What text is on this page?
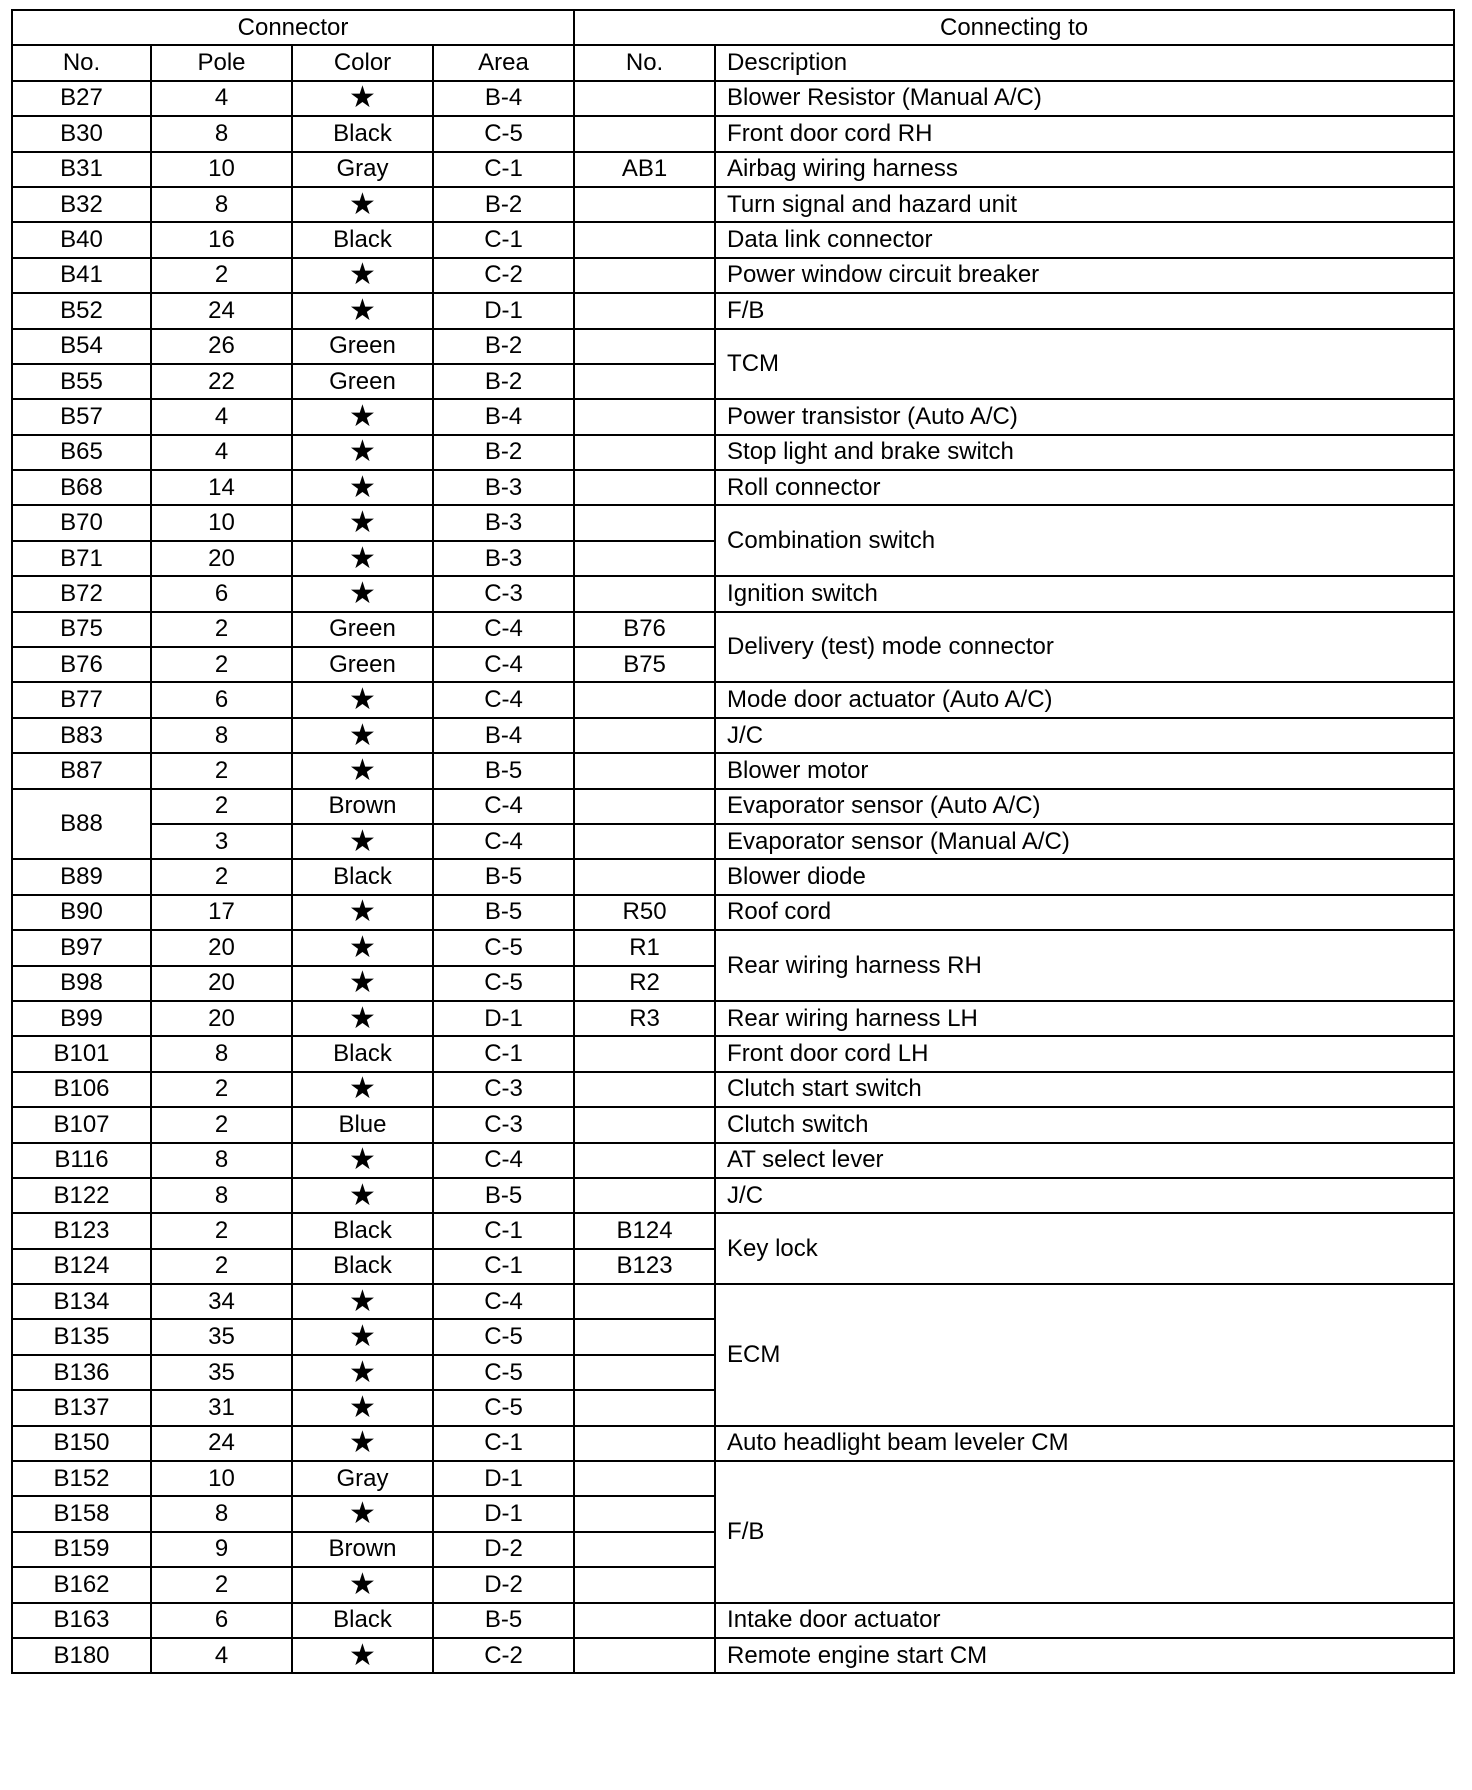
Connector				Connecting to	
No.	Pole	Color	Area	No.	Description
B27	4	★	B-4		Blower Resistor (Manual A/C)
B30	8	Black	C-5		Front door cord RH
B31	10	Gray	C-1	AB1	Airbag wiring harness
B32	8	★	B-2		Turn signal and hazard unit
B40	16	Black	C-1		Data link connector
B41	2	★	C-2		Power window circuit breaker
B52	24	★	D-1		F/B
B54	26	Green	B-2		TCM
B55	22	Green	B-2		
B57	4	★	B-4		Power transistor (Auto A/C)
B65	4	★	B-2		Stop light and brake switch
B68	14	★	B-3		Roll connector
B70	10	★	B-3		Combination switch
B71	20	★	B-3		
B72	6	★	C-3		Ignition switch
B75	2	Green	C-4	B76	Delivery (test) mode connector
B76	2	Green	C-4	B75	
B77	6	★	C-4		Mode door actuator (Auto A/C)
B83	8	★	B-4		J/C
B87	2	★	B-5		Blower motor
B88	2	Brown	C-4		Evaporator sensor (Auto A/C)
	3	★	C-4		Evaporator sensor (Manual A/C)
B89	2	Black	B-5		Blower diode
B90	17	★	B-5	R50	Roof cord
B97	20	★	C-5	R1	Rear wiring harness RH
B98	20	★	C-5	R2	
B99	20	★	D-1	R3	Rear wiring harness LH
B101	8	Black	C-1		Front door cord LH
B106	2	★	C-3		Clutch start switch
B107	2	Blue	C-3		Clutch switch
B116	8	★	C-4		AT select lever
B122	8	★	B-5		J/C
B123	2	Black	C-1	B124	Key lock
B124	2	Black	C-1	B123	
B134	34	★	C-4		ECM
B135	35	★	C-5		
B136	35	★	C-5		
B137	31	★	C-5		
B150	24	★	C-1		Auto headlight beam leveler CM
B152	10	Gray	D-1		F/B
B158	8	★	D-1		
B159	9	Brown	D-2		
B162	2	★	D-2		
B163	6	Black	B-5		Intake door actuator
B180	4	★	C-2		Remote engine start CM
